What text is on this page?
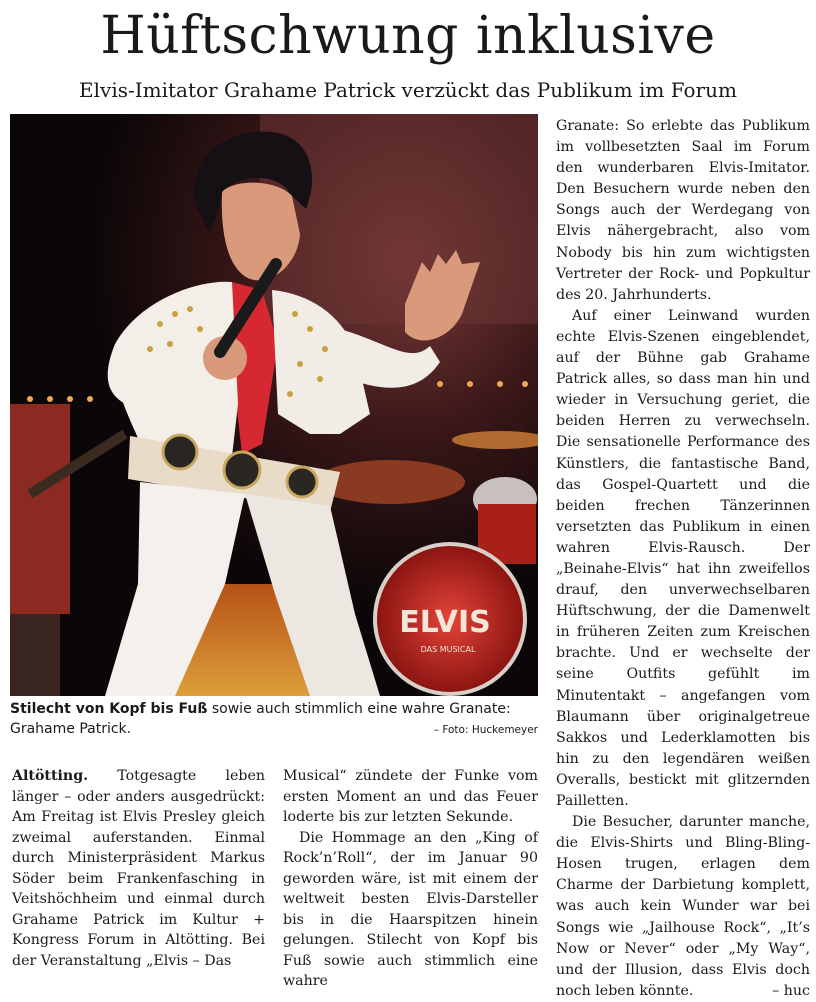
Hüftschwung inklusive
Elvis-Imitator Grahame Patrick verzückt das Publikum im Forum
ELVIS
DAS MUSICAL
Stilecht von Kopf bis Fuß sowie auch stimmlich eine wahre Granate: Grahame Patrick.	– Foto: Huckemeyer

Altötting. Totgesagte leben länger – oder anders ausgedrückt: Am Freitag ist Elvis Presley gleich zweimal auferstanden. Einmal durch Ministerpräsident Markus Söder beim Frankenfasching in Veitshöchheim und einmal durch Grahame Patrick im Kultur + Kongress Forum in Altötting. Bei der Veranstaltung „Elvis – Das

Musical“ zündete der Funke vom ersten Moment an und das Feuer loderte bis zur letzten Sekunde.

Die Hommage an den „King of Rock’n’Roll“, der im Januar 90 geworden wäre, ist mit einem der weltweit besten Elvis-Darsteller bis in die Haarspitzen hinein gelungen. Stilecht von Kopf bis Fuß sowie auch stimmlich eine wahre

Granate: So erlebte das Publikum im vollbesetzten Saal im Forum den wunderbaren Elvis-Imitator. Den Besuchern wurde neben den Songs auch der Werdegang von Elvis nähergebracht, also vom Nobody bis hin zum wichtigsten Vertreter der Rock- und Popkultur des 20. Jahrhunderts.

Auf einer Leinwand wurden echte Elvis-Szenen eingeblendet, auf der Bühne gab Grahame Patrick alles, so dass man hin und wieder in Versuchung geriet, die beiden Herren zu verwechseln. Die sensationelle Performance des Künstlers, die fantastische Band, das Gospel-Quartett und die beiden frechen Tänzerinnen versetzten das Publikum in einen wahren Elvis-Rausch. Der „Beinahe-Elvis“ hat ihn zweifellos drauf, den unverwechselbaren Hüftschwung, der die Damenwelt in früheren Zeiten zum Kreischen brachte. Und er wechselte der seine Outfits gefühlt im Minutentakt – angefangen vom Blaumann über originalgetreue Sakkos und Lederklamotten bis hin zu den legendären weißen Overalls, bestickt mit glitzernden Pailletten.

Die Besucher, darunter manche, die Elvis-Shirts und Bling-Bling-Hosen trugen, erlagen dem Charme der Darbietung komplett, was auch kein Wunder war bei Songs wie „Jailhouse Rock“, „It’s Now or Never“ oder „My Way“, und der Illusion, dass Elvis doch noch leben könnte.	– huc
